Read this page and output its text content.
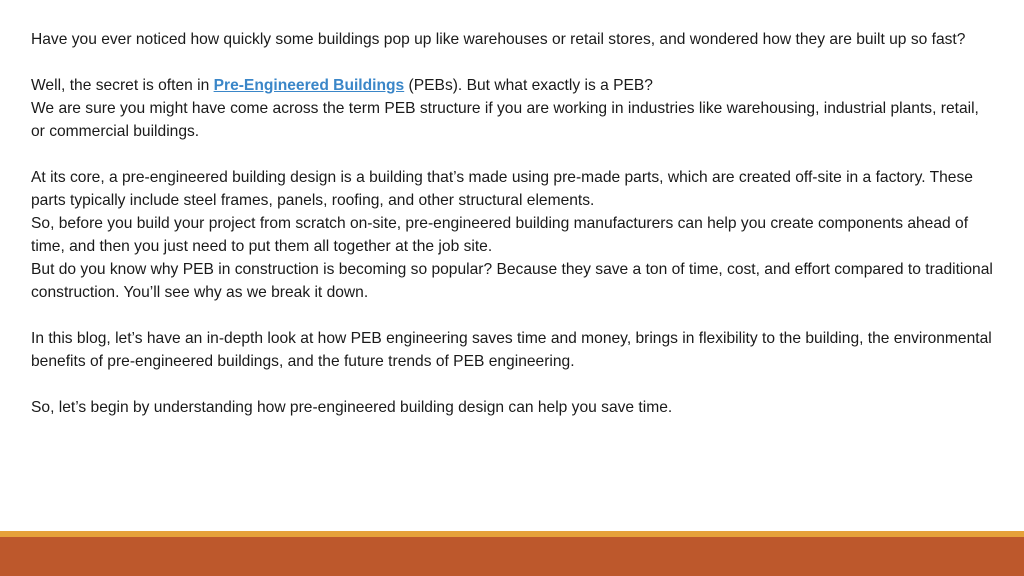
Have you ever noticed how quickly some buildings pop up like warehouses or retail stores, and wondered how they are built up so fast?

Well, the secret is often in Pre-Engineered Buildings (PEBs). But what exactly is a PEB?

We are sure you might have come across the term PEB structure if you are working in industries like warehousing, industrial plants, retail, or commercial buildings.

At its core, a pre-engineered building design is a building that’s made using pre-made parts, which are created off-site in a factory. These parts typically include steel frames, panels, roofing, and other structural elements.

So, before you build your project from scratch on-site, pre-engineered building manufacturers can help you create components ahead of time, and then you just need to put them all together at the job site.

But do you know why PEB in construction is becoming so popular? Because they save a ton of time, cost, and effort compared to traditional construction. You’ll see why as we break it down.

In this blog, let’s have an in-depth look at how PEB engineering saves time and money, brings in flexibility to the building, the environmental benefits of pre-engineered buildings, and the future trends of PEB engineering.

So, let’s begin by understanding how pre-engineered building design can help you save time.
